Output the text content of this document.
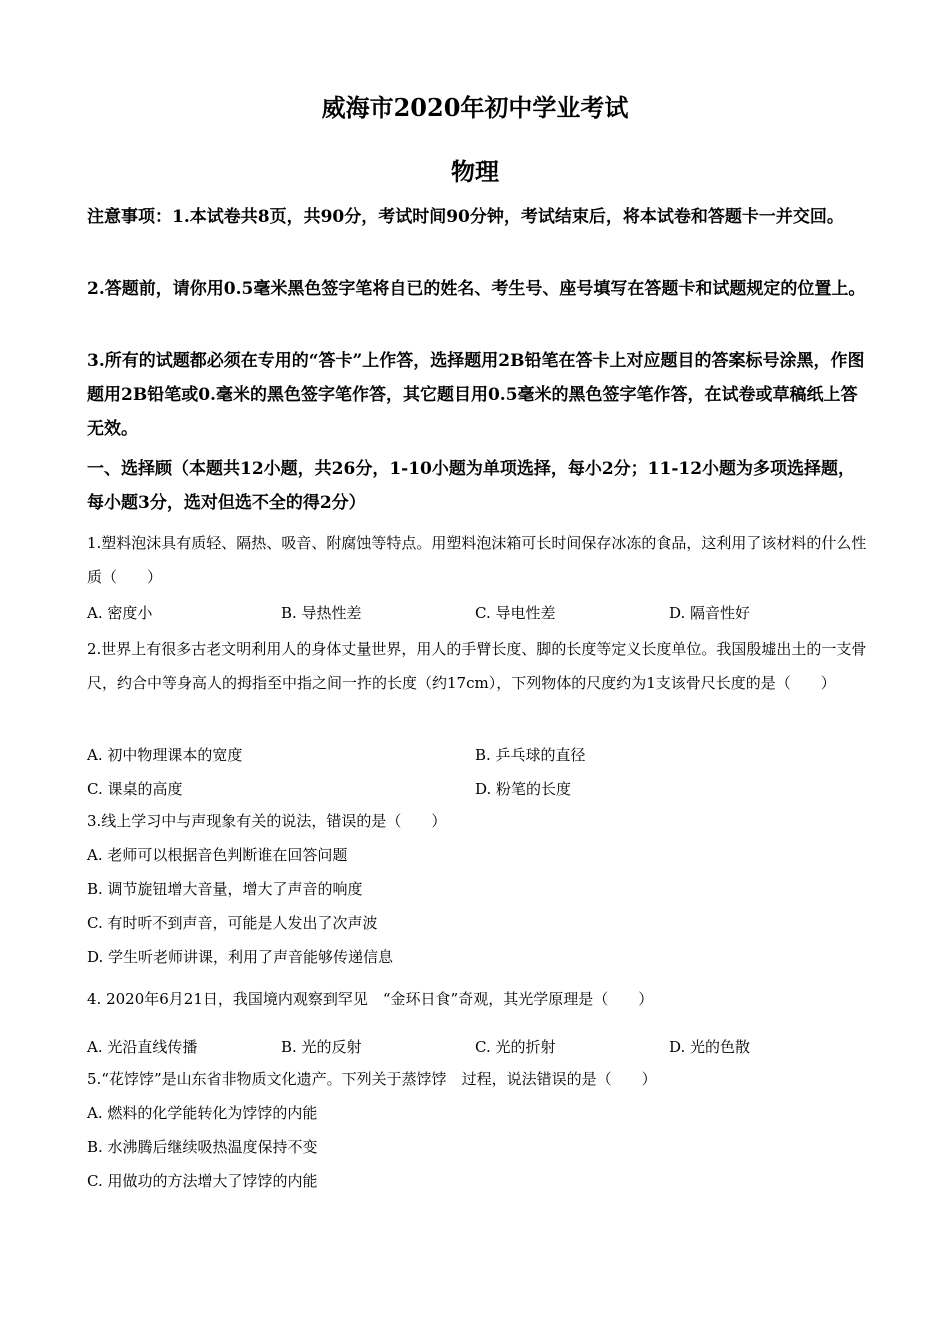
威海市2020年初中学业考试
物理

注意事项：1.本试卷共8页，共90分，考试时间90分钟，考试结束后，将本试卷和答题卡一并交回。

2.答题前，请你用0.5毫米黑色签字笔将自已的姓名、考生号、座号填写在答题卡和试题规定的位置上。

3.所有的试题都必须在专用的“答卡”上作答，选择题用2B铅笔在答卡上对应题目的答案标号涂黑，作图题用2B铅笔或0.毫米的黑色签字笔作答，其它题目用0.5毫米的黑色签字笔作答，在试卷或草稿纸上答无效。

一、选择顾（本题共12小题，共26分，1-10小题为单项选择，每小2分；11-12小题为多项选择题，每小题3分，选对但选不全的得2分）

1.塑料泡沫具有质轻、隔热、吸音、附腐蚀等特点。用塑料泡沫箱可长时间保存冰冻的食品，这利用了该材料的什么性质（　　）

A. 密度小	B. 导热性差	C. 导电性差	D. 隔音性好

2.世界上有很多古老文明利用人的身体丈量世界，用人的手臂长度、脚的长度等定义长度单位。我国殷墟出土的一支骨尺，约合中等身高人的拇指至中指之间一拃的长度（约17cm），下列物体的尺度约为1支该骨尺长度的是（　　）

A. 初中物理课本的宽度	B. 乒乓球的直径
C. 课桌的高度	D. 粉笔的长度

3.线上学习中与声现象有关的说法，错误的是（　　）

A. 老师可以根据音色判断谁在回答问题
B. 调节旋钮增大音量，增大了声音的响度
C. 有时听不到声音，可能是人发出了次声波
D. 学生听老师讲课，利用了声音能够传递信息

4. 2020年6月21日，我国境内观察到罕见　“金环日食”奇观，其光学原理是（　　）

A. 光沿直线传播	B. 光的反射	C. 光的折射	D. 光的色散

5.“花饽饽”是山东省非物质文化遗产。下列关于蒸饽饽　过程，说法错误的是（　　）

A. 燃料的化学能转化为饽饽的内能
B. 水沸腾后继续吸热温度保持不变
C. 用做功的方法增大了饽饽的内能
